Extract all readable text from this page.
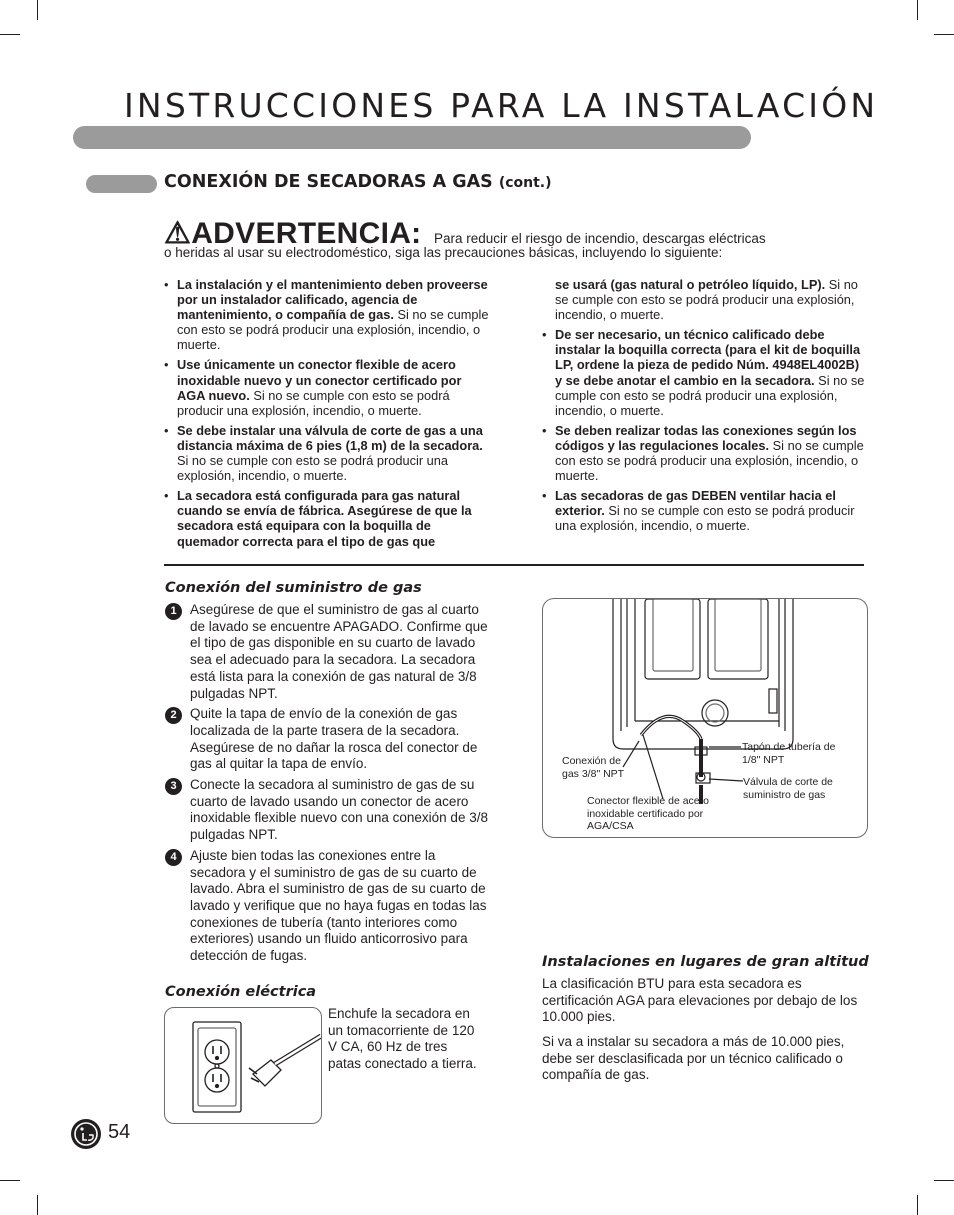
INSTRUCCIONES PARA LA INSTALACIÓN
CONEXIÓN DE SECADORAS A GAS (cont.)
⚠ADVERTENCIA: Para reducir el riesgo de incendio, descargas eléctricas
o heridas al usar su electrodoméstico, siga las precauciones básicas, incluyendo lo siguiente:
• La instalación y el mantenimiento deben proveerse por un instalador calificado, agencia de mantenimiento, o compañía de gas. Si no se cumple con esto se podrá producir una explosión, incendio, o muerte.
• Use únicamente un conector flexible de acero inoxidable nuevo y un conector certificado por AGA nuevo. Si no se cumple con esto se podrá producir una explosión, incendio, o muerte.
• Se debe instalar una válvula de corte de gas a una distancia máxima de 6 pies (1,8 m) de la secadora. Si no se cumple con esto se podrá producir una explosión, incendio, o muerte.
• La secadora está configurada para gas natural cuando se envía de fábrica. Asegúrese de que la secadora está equipara con la boquilla de quemador correcta para el tipo de gas que
se usará (gas natural o petróleo líquido, LP). Si no se cumple con esto se podrá producir una explosión, incendio, o muerte.
• De ser necesario, un técnico calificado debe instalar la boquilla correcta (para el kit de boquilla LP, ordene la pieza de pedido Núm. 4948EL4002B) y se debe anotar el cambio en la secadora. Si no se cumple con esto se podrá producir una explosión, incendio, o muerte.
• Se deben realizar todas las conexiones según los códigos y las regulaciones locales. Si no se cumple con esto se podrá producir una explosión, incendio, o muerte.
• Las secadoras de gas DEBEN ventilar hacia el exterior. Si no se cumple con esto se podrá producir una explosión, incendio, o muerte.
Conexión del suministro de gas
1 Asegúrese de que el suministro de gas al cuarto de lavado se encuentre APAGADO. Confirme que el tipo de gas disponible en su cuarto de lavado sea el adecuado para la secadora. La secadora está lista para la conexión de gas natural de 3/8 pulgadas NPT.
2 Quite la tapa de envío de la conexión de gas localizada de la parte trasera de la secadora. Asegúrese de no dañar la rosca del conector de gas al quitar la tapa de envío.
3 Conecte la secadora al suministro de gas de su cuarto de lavado usando un conector de acero inoxidable flexible nuevo con una conexión de 3/8 pulgadas NPT.
4 Ajuste bien todas las conexiones entre la secadora y el suministro de gas de su cuarto de lavado. Abra el suministro de gas de su cuarto de lavado y verifique que no haya fugas en todas las conexiones de tubería (tanto interiores como exteriores) usando un fluido anticorrosivo para detección de fugas.
Conexión de gas 3/8" NPT
Tapón de tubería de 1/8" NPT
Válvula de corte de suministro de gas
Conector flexible de acero inoxidable certificado por AGA/CSA
Conexión eléctrica
Enchufe la secadora en un tomacorriente de 120 V CA, 60 Hz de tres patas conectado a tierra.
Instalaciones en lugares de gran altitud
La clasificación BTU para esta secadora es certificación AGA para elevaciones por debajo de los 10.000 pies.
Si va a instalar su secadora a más de 10.000 pies, debe ser desclasificada por un técnico calificado o compañía de gas.
54
